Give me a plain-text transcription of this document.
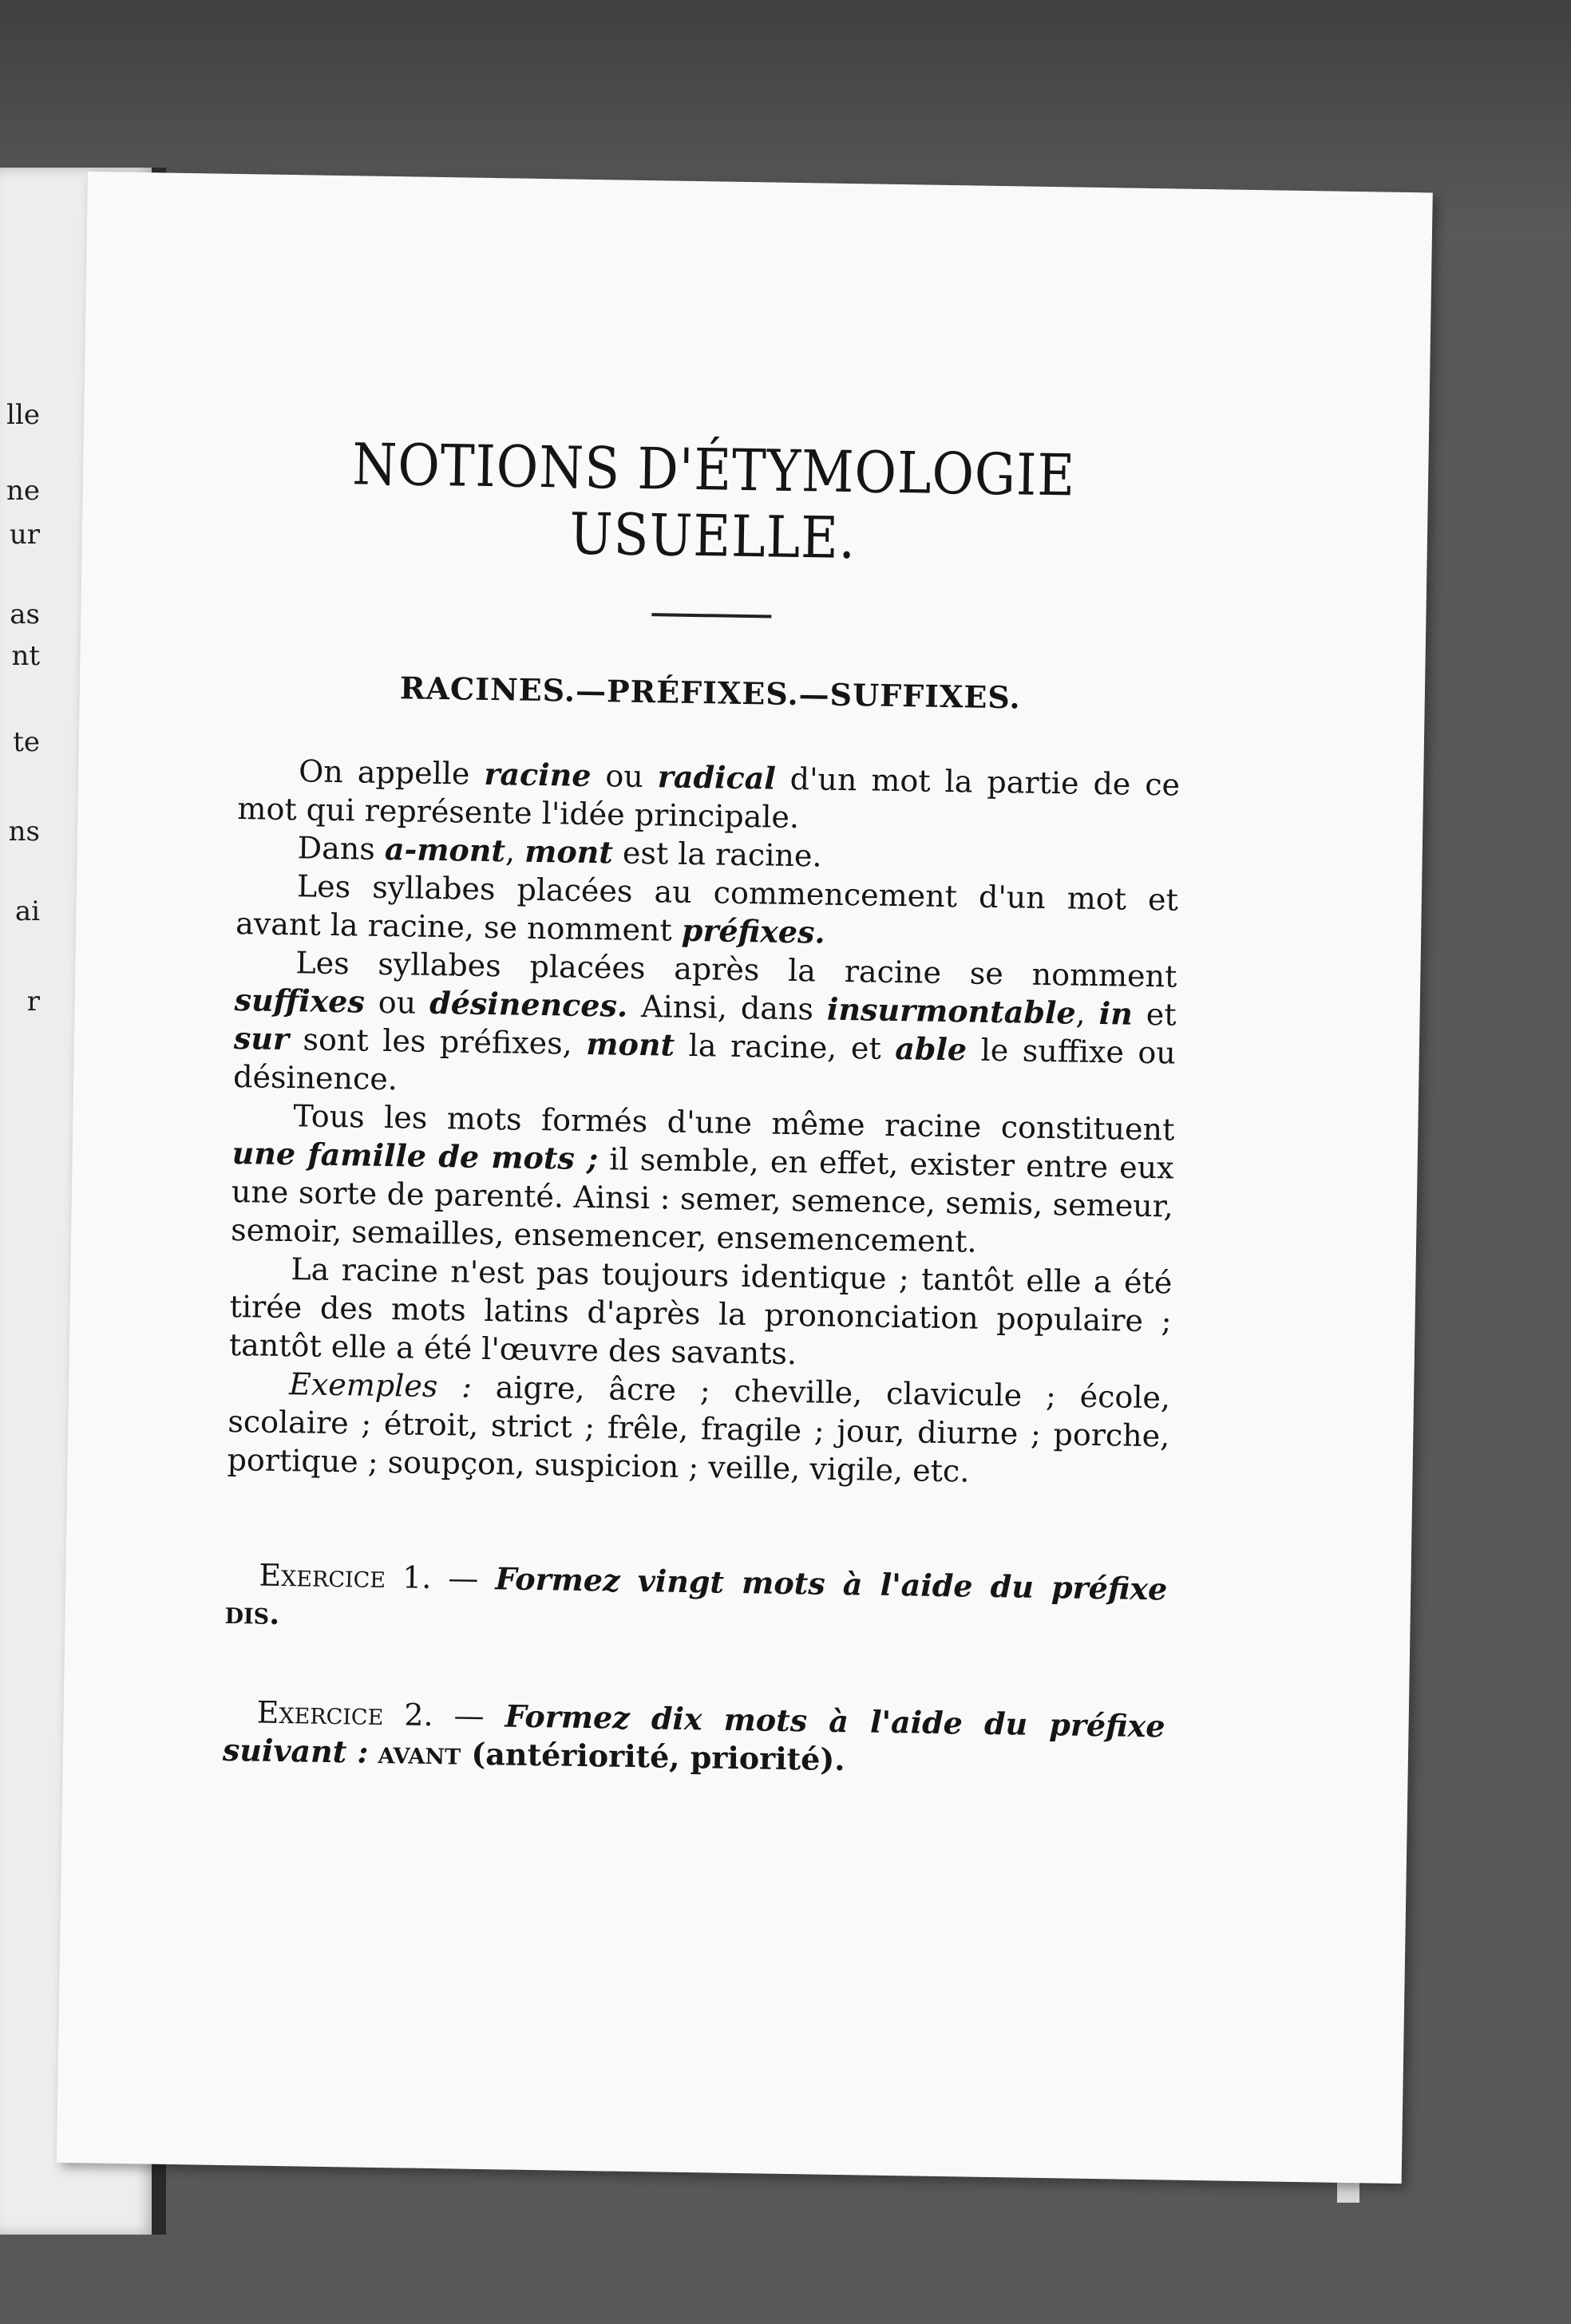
lle
ne
ur
as
nt
te
ns
ai
r
NOTIONS D'ÉTYMOLOGIE USUELLE.
RACINES.—PRÉFIXES.—SUFFIXES.

On appelle racine ou radical d'un mot la partie de ce mot qui représente l'idée principale.

Dans a-mont, mont est la racine.

Les syllabes placées au commencement d'un mot et avant la racine, se nomment préfixes.

Les syllabes placées après la racine se nomment suffixes ou désinences. Ainsi, dans insurmontable, in et sur sont les préfixes, mont la racine, et able le suffixe ou désinence.

Tous les mots formés d'une même racine constituent une famille de mots ; il semble, en effet, exister entre eux une sorte de parenté. Ainsi : semer, semence, semis, semeur, semoir, semailles, ensemencer, ensemencement.

La racine n'est pas toujours identique ; tantôt elle a été tirée des mots latins d'après la prononciation populaire ; tantôt elle a été l'œuvre des savants.

Exemples : aigre, âcre ; cheville, clavicule ; école, scolaire ; étroit, strict ; frêle, fragile ; jour, diurne ; porche, portique ; soupçon, suspicion ; veille, vigile, etc.

Exercice 1. — Formez vingt mots à l'aide du préfixe dis.

Exercice 2. — Formez dix mots à l'aide du préfixe suivant : avant (antériorité, priorité).
